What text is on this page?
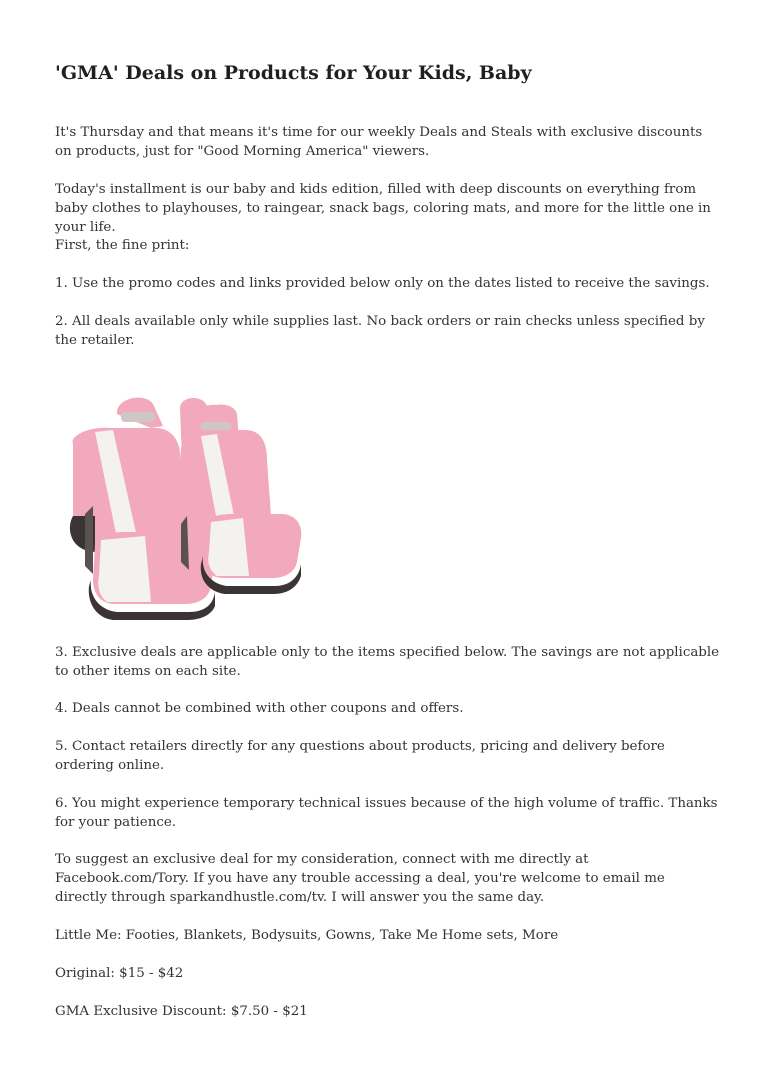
'GMA' Deals on Products for Your Kids, Baby

It's Thursday and that means it's time for our weekly Deals and Steals with exclusive discounts on products, just for "Good Morning America" viewers.

Today's installment is our baby and kids edition, filled with deep discounts on everything from baby clothes to playhouses, to raingear, snack bags, coloring mats, and more for the little one in your life.

First, the fine print:

1. Use the promo codes and links provided below only on the dates listed to receive the savings.

2. All deals available only while supplies last. No back orders or rain checks unless specified by the retailer.

3. Exclusive deals are applicable only to the items specified below. The savings are not applicable to other items on each site.

4. Deals cannot be combined with other coupons and offers.

5. Contact retailers directly for any questions about products, pricing and delivery before ordering online.

6. You might experience temporary technical issues because of the high volume of traffic. Thanks for your patience.

To suggest an exclusive deal for my consideration, connect with me directly at Facebook.com/Tory. If you have any trouble accessing a deal, you're welcome to email me directly through sparkandhustle.com/tv. I will answer you the same day.

Little Me: Footies, Blankets, Bodysuits, Gowns, Take Me Home sets, More

Original: $15 - $42

GMA Exclusive Discount: $7.50 - $21
